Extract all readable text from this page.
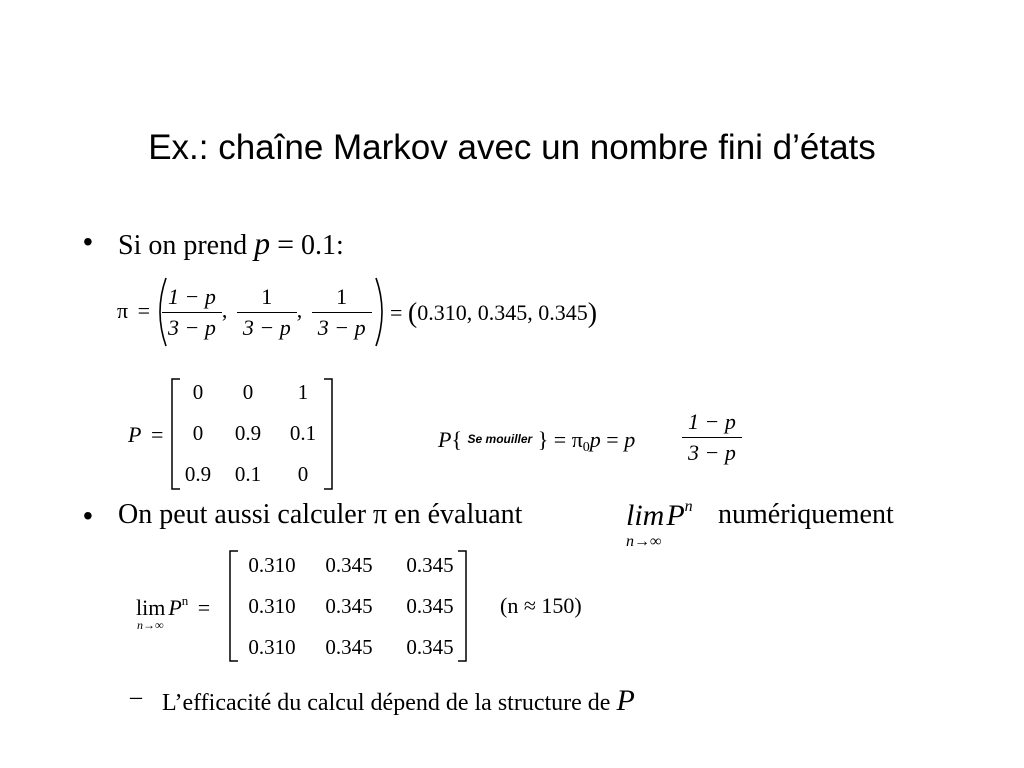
Ex.: chaîne Markov avec un nombre fini d’états
• Si on prend p = 0.1:
$\pi = \frac{1 - p}{3 - p}$ , $\frac{1}{3 - p}$ , $\frac{1}{3 - p} = (0.310$, 0.345, 0.345)
P =
0	0	1
0	0.9	0.1
0.9	0.1	0
P{ Se mouiller } = $\pi_0p = p \frac{1 - p}{3 - p}$
• On peut aussi calculer π en évaluant	limP$^n$
n→∞
numériquement
$\lim P^n$ =
n→∞
0.310	0.345	0.345
0.310	0.345	0.345
0.310	0.345	0.345
(n ≈ 150)
– L’efficacité du calcul dépend de la structure de P
